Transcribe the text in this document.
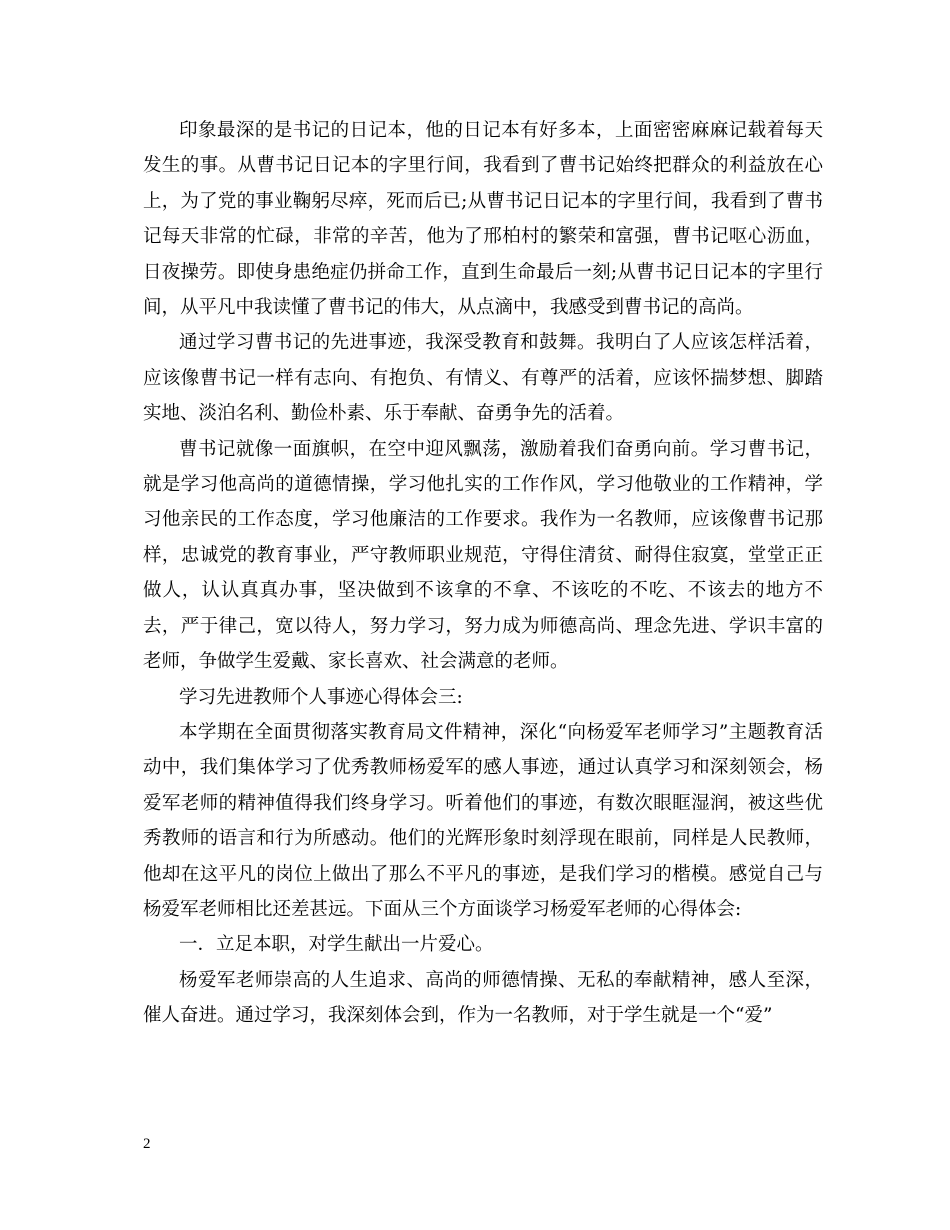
印象最深的是书记的日记本，他的日记本有好多本，上面密密麻麻记载着每天发生的事。从曹书记日记本的字里行间，我看到了曹书记始终把群众的利益放在心上，为了党的事业鞠躬尽瘁，死而后已;从曹书记日记本的字里行间，我看到了曹书记每天非常的忙碌，非常的辛苦，他为了邢柏村的繁荣和富强，曹书记呕心沥血，日夜操劳。即使身患绝症仍拼命工作，直到生命最后一刻;从曹书记日记本的字里行间，从平凡中我读懂了曹书记的伟大，从点滴中，我感受到曹书记的高尚。

通过学习曹书记的先进事迹，我深受教育和鼓舞。我明白了人应该怎样活着，应该像曹书记一样有志向、有抱负、有情义、有尊严的活着，应该怀揣梦想、脚踏实地、淡泊名利、勤俭朴素、乐于奉献、奋勇争先的活着。

曹书记就像一面旗帜，在空中迎风飘荡，激励着我们奋勇向前。学习曹书记，就是学习他高尚的道德情操，学习他扎实的工作作风，学习他敬业的工作精神，学习他亲民的工作态度，学习他廉洁的工作要求。我作为一名教师，应该像曹书记那样，忠诚党的教育事业，严守教师职业规范，守得住清贫、耐得住寂寞，堂堂正正做人，认认真真办事，坚决做到不该拿的不拿、不该吃的不吃、不该去的地方不去，严于律己，宽以待人，努力学习，努力成为师德高尚、理念先进、学识丰富的老师，争做学生爱戴、家长喜欢、社会满意的老师。

学习先进教师个人事迹心得体会三:

本学期在全面贯彻落实教育局文件精神，深化“向杨爱军老师学习”主题教育活动中，我们集体学习了优秀教师杨爱军的感人事迹，通过认真学习和深刻领会，杨爱军老师的精神值得我们终身学习。听着他们的事迹，有数次眼眶湿润，被这些优秀教师的语言和行为所感动。他们的光辉形象时刻浮现在眼前，同样是人民教师，他却在这平凡的岗位上做出了那么不平凡的事迹，是我们学习的楷模。感觉自己与杨爱军老师相比还差甚远。下面从三个方面谈学习杨爱军老师的心得体会:

一．立足本职，对学生献出一片爱心。

杨爱军老师崇高的人生追求、高尚的师德情操、无私的奉献精神，感人至深，催人奋进。通过学习，我深刻体会到，作为一名教师，对于学生就是一个“爱”

2
